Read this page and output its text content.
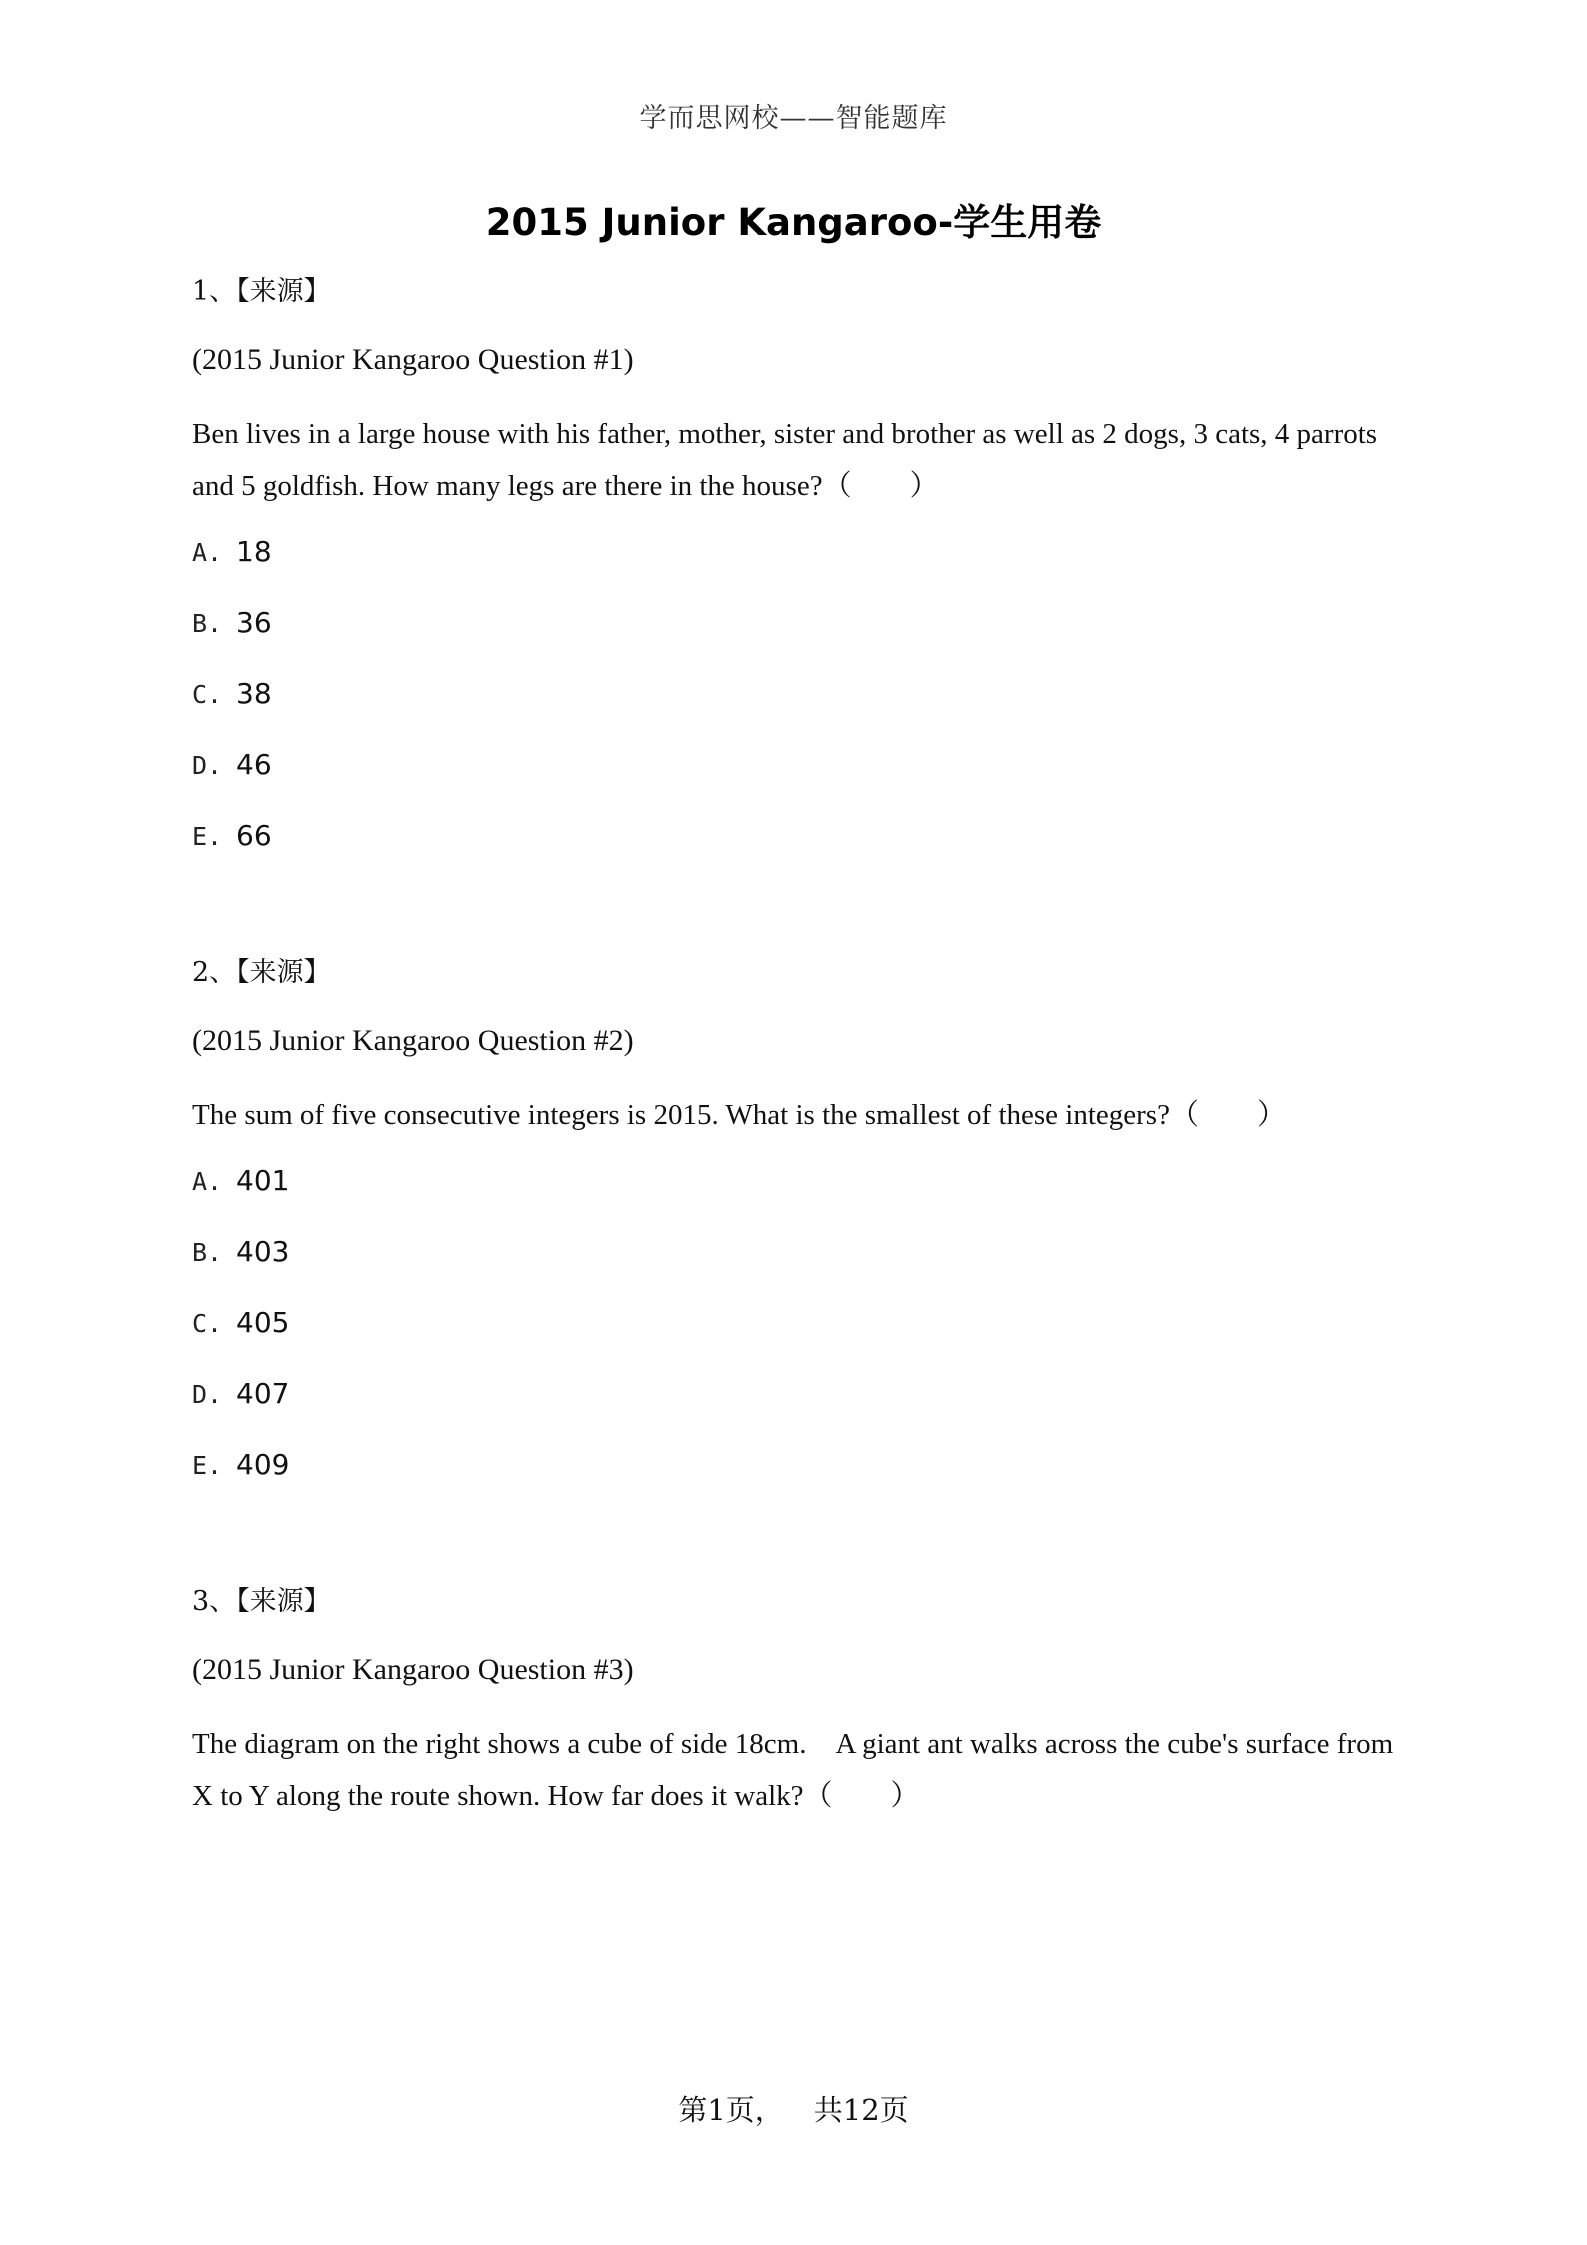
学而思网校——智能题库
2015 Junior Kangaroo-学生用卷
1、【来源】
(2015 Junior Kangaroo Question #1)
Ben lives in a large house with his father, mother, sister and brother as well as 2 dogs, 3 cats, 4 parrots and 5 goldfish. How many legs are there in the house?（　　）
A. 18
B. 36
C. 38
D. 46
E. 66
2、【来源】
(2015 Junior Kangaroo Question #2)
The sum of five consecutive integers is 2015. What is the smallest of these integers?（　　）
A. 401
B. 403
C. 405
D. 407
E. 409
3、【来源】
(2015 Junior Kangaroo Question #3)
The diagram on the right shows a cube of side 18cm.　A giant ant walks across the cube's surface from X to Y along the route shown. How far does it walk?（　　）
第1页， 共12页
